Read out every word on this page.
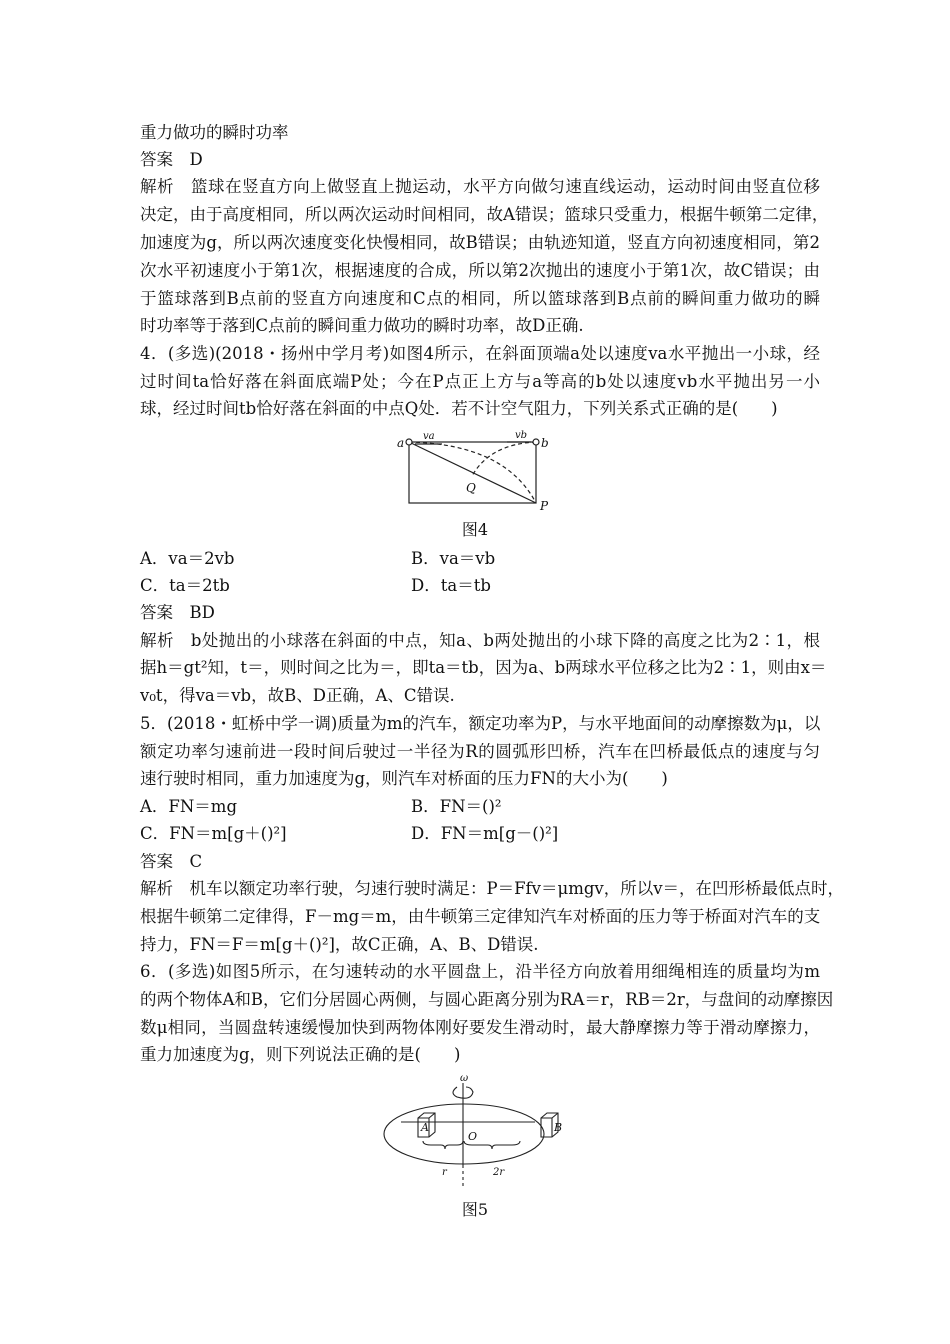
重力做功的瞬时功率
答案　D
解析　篮球在竖直方向上做竖直上抛运动，水平方向做匀速直线运动，运动时间由竖直位移
决定，由于高度相同，所以两次运动时间相同，故A错误；篮球只受重力，根据牛顿第二定律，
加速度为g，所以两次速度变化快慢相同，故B错误；由轨迹知道，竖直方向初速度相同，第2
次水平初速度小于第1次，根据速度的合成，所以第2次抛出的速度小于第1次，故C错误；由
于篮球落到B点前的竖直方向速度和C点的相同，所以篮球落到B点前的瞬间重力做功的瞬
时功率等于落到C点前的瞬间重力做功的瞬时功率，故D正确.
4．(多选)(2018・扬州中学月考)如图4所示，在斜面顶端a处以速度va水平抛出一小球，经
过时间ta恰好落在斜面底端P处；今在P点正上方与a等高的b处以速度vb水平抛出另一小
球，经过时间tb恰好落在斜面的中点Q处．若不计空气阻力，下列关系式正确的是(　　)
a	b
va	vb
Q
P
图4
A．va＝2vb	B．va＝vb
C．ta＝2tb	D．ta＝tb
答案　BD
解析　b处抛出的小球落在斜面的中点，知a、b两处抛出的小球下降的高度之比为2∶1，根
据h＝gt²知，t＝，则时间之比为＝，即ta＝tb，因为a、b两球水平位移之比为2∶1，则由x＝
v₀t，得va＝vb，故B、D正确，A、C错误.
5．(2018・虹桥中学一调)质量为m的汽车，额定功率为P，与水平地面间的动摩擦数为μ，以
额定功率匀速前进一段时间后驶过一半径为R的圆弧形凹桥，汽车在凹桥最低点的速度与匀
速行驶时相同，重力加速度为g，则汽车对桥面的压力FN的大小为(　　)
A．FN＝mg	B．FN＝()²
C．FN＝m[g＋()²]	D．FN＝m[g－()²]
答案　C
解析　机车以额定功率行驶，匀速行驶时满足：P＝Ffv＝μmgv，所以v＝，在凹形桥最低点时，
根据牛顿第二定律得，F－mg＝m，由牛顿第三定律知汽车对桥面的压力等于桥面对汽车的支
持力，FN＝F＝m[g＋()²]，故C正确，A、B、D错误.
6．(多选)如图5所示，在匀速转动的水平圆盘上，沿半径方向放着用细绳相连的质量均为m
的两个物体A和B，它们分居圆心两侧，与圆心距离分别为RA＝r，RB＝2r，与盘间的动摩擦因
数μ相同，当圆盘转速缓慢加快到两物体刚好要发生滑动时，最大静摩擦力等于滑动摩擦力，
重力加速度为g，则下列说法正确的是(　　)
ω
A	B
O
r	2r
图5
